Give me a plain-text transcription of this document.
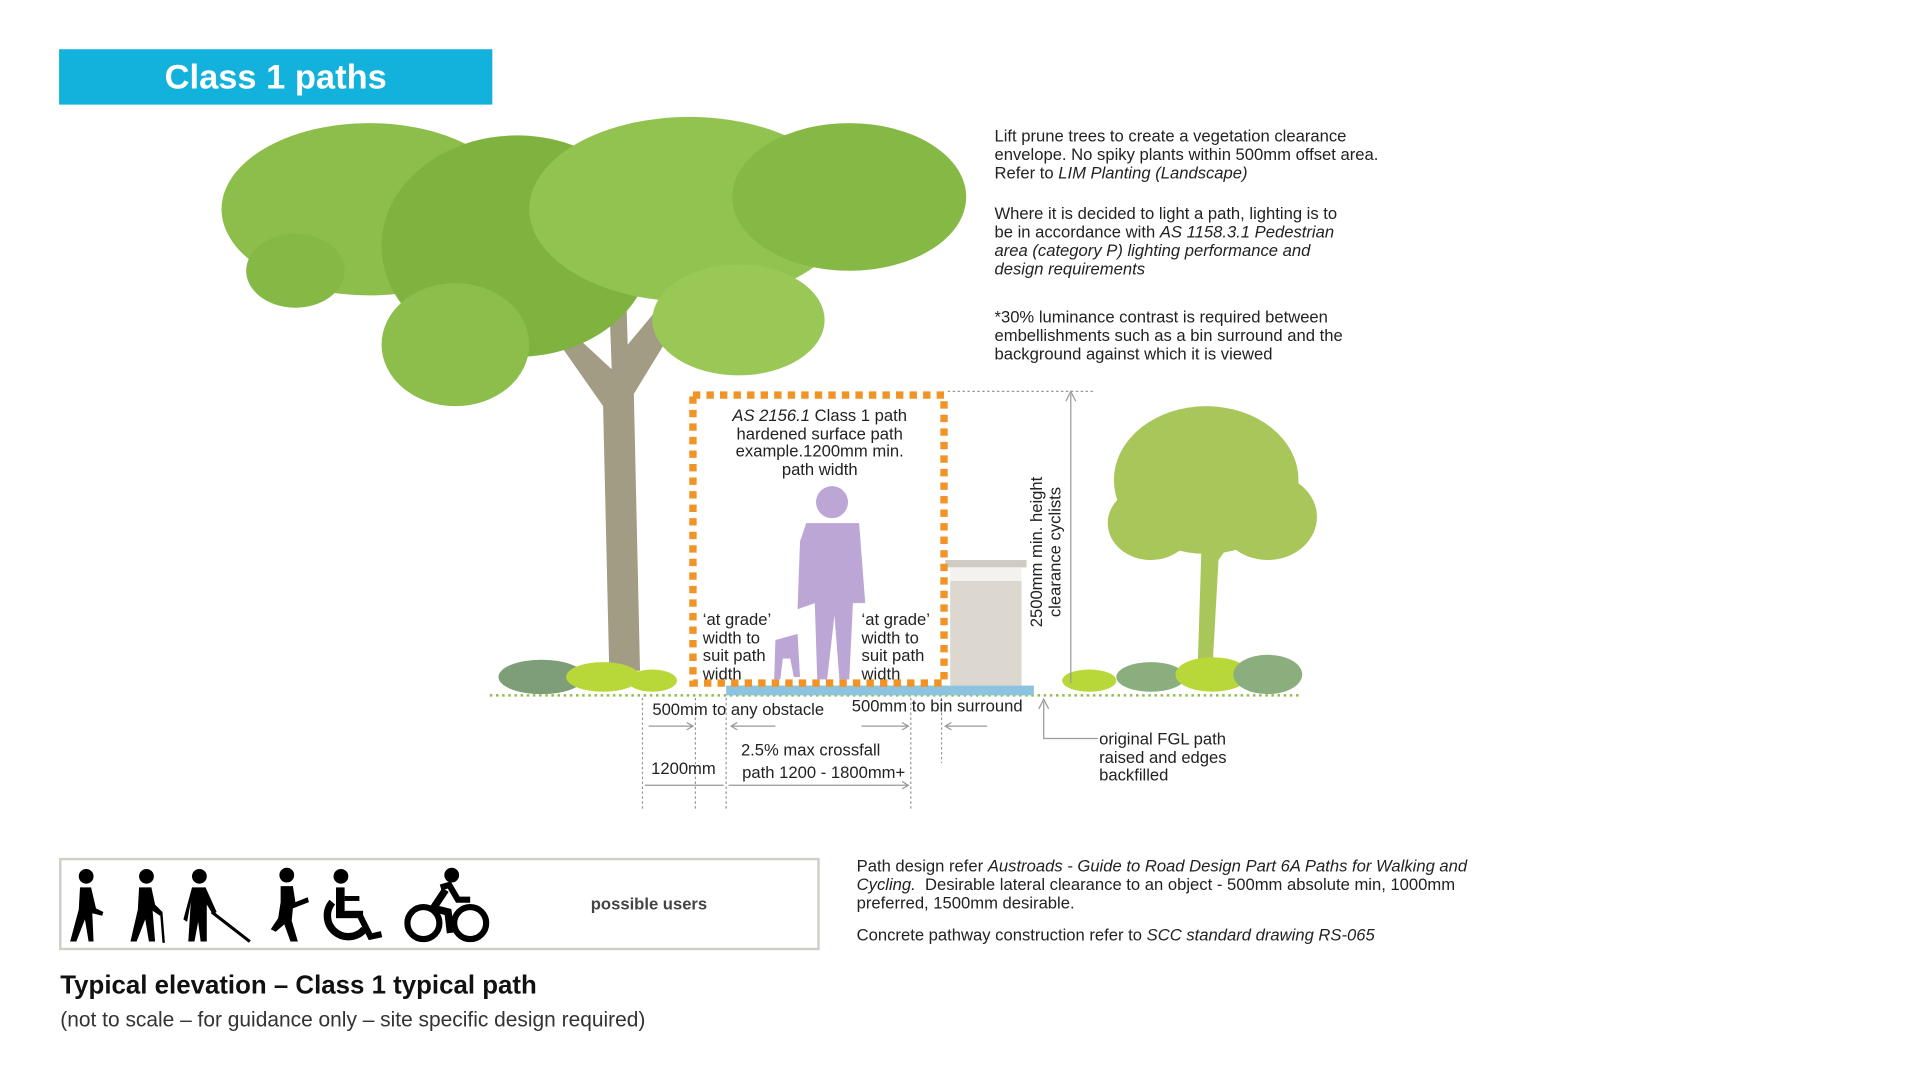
Class 1 paths
Lift prune trees to create a vegetation clearance
envelope. No spiky plants within 500mm offset area.
Refer to LIM Planting (Landscape)
Where it is decided to light a path, lighting is to
be in accordance with AS 1158.3.1 Pedestrian
area (category P) lighting performance and
design requirements
*30% luminance contrast is required between
embellishments such as a bin surround and the
background against which it is viewed
AS 2156.1 Class 1 path
hardened surface path
example.1200mm min.
path width
‘at grade’
width to
suit path
width
‘at grade’
width to
suit path
width
2500mm min. height clearance cyclists
500mm to any obstacle 500mm to bin surround
1200mm
2.5% max crossfall
path 1200 - 1800mm+
original FGL path
raised and edges
backfilled
possible users
Path design refer Austroads - Guide to Road Design Part 6A Paths for Walking and
Cycling.  Desirable lateral clearance to an object - 500mm absolute min, 1000mm
preferred, 1500mm desirable.
Concrete pathway construction refer to SCC standard drawing RS-065
Typical elevation – Class 1 typical path
(not to scale – for guidance only – site specific design required)
